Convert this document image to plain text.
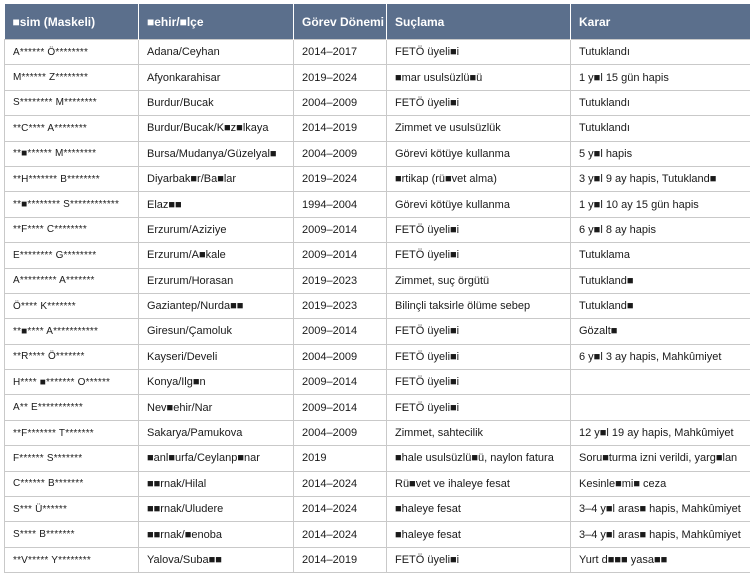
■sim (Maskeli)	■ehir/■lçe	Görev Dönemi	Suçlama	Karar
A****** Ö********	Adana/Ceyhan	2014–2017	FETÖ üyeli■i	Tutuklandı
M****** Z********	Afyonkarahisar	2019–2024	■mar usulsüzlü■ü	1 y■l 15 gün hapis
S******** M********	Burdur/Bucak	2004–2009	FETÖ üyeli■i	Tutuklandı
**C**** A********	Burdur/Bucak/K■z■lkaya	2014–2019	Zimmet ve usulsüzlük	Tutuklandı
**■****** M********	Bursa/Mudanya/Güzelyal■	2004–2009	Görevi kötüye kullanma	5 y■l hapis
**H******* B********	Diyarbak■r/Ba■lar	2019–2024	■rtikap (rü■vet alma)	3 y■l 9 ay hapis, Tutukland■
**■******** S************	Elaz■■	1994–2004	Görevi kötüye kullanma	1 y■l 10 ay 15 gün hapis
**F**** C********	Erzurum/Aziziye	2009–2014	FETÖ üyeli■i	6 y■l 8 ay hapis
E******** G********	Erzurum/A■kale	2009–2014	FETÖ üyeli■i	Tutuklama
A********* A*******	Erzurum/Horasan	2019–2023	Zimmet, suç örgütü	Tutukland■
Ö**** K*******	Gaziantep/Nurda■■	2019–2023	Bilinçli taksirle ölüme sebep	Tutukland■
**■**** A***********	Giresun/Çamoluk	2009–2014	FETÖ üyeli■i	Gözalt■
**R**** Ö*******	Kayseri/Develi	2004–2009	FETÖ üyeli■i	6 y■l 3 ay hapis, Mahkûmiyet
H**** ■******* O******	Konya/Ilg■n	2009–2014	FETÖ üyeli■i	
A** E***********	Nev■ehir/Nar	2009–2014	FETÖ üyeli■i	
**F******* T*******	Sakarya/Pamukova	2004–2009	Zimmet, sahtecilik	12 y■l 19 ay hapis, Mahkûmiyet
F****** S*******	■anl■urfa/Ceylanp■nar	2019	■hale usulsüzlü■ü, naylon fatura	Soru■turma izni verildi, yarg■lan
C****** B*******	■■rnak/Hilal	2014–2024	Rü■vet ve ihaleye fesat	Kesinle■mi■ ceza
S*** Ü******	■■rnak/Uludere	2014–2024	■haleye fesat	3–4 y■l aras■ hapis, Mahkûmiyet
S**** B*******	■■rnak/■enoba	2014–2024	■haleye fesat	3–4 y■l aras■ hapis, Mahkûmiyet
**V***** Y********	Yalova/Suba■■	2014–2019	FETÖ üyeli■i	Yurt d■■■ yasa■■
